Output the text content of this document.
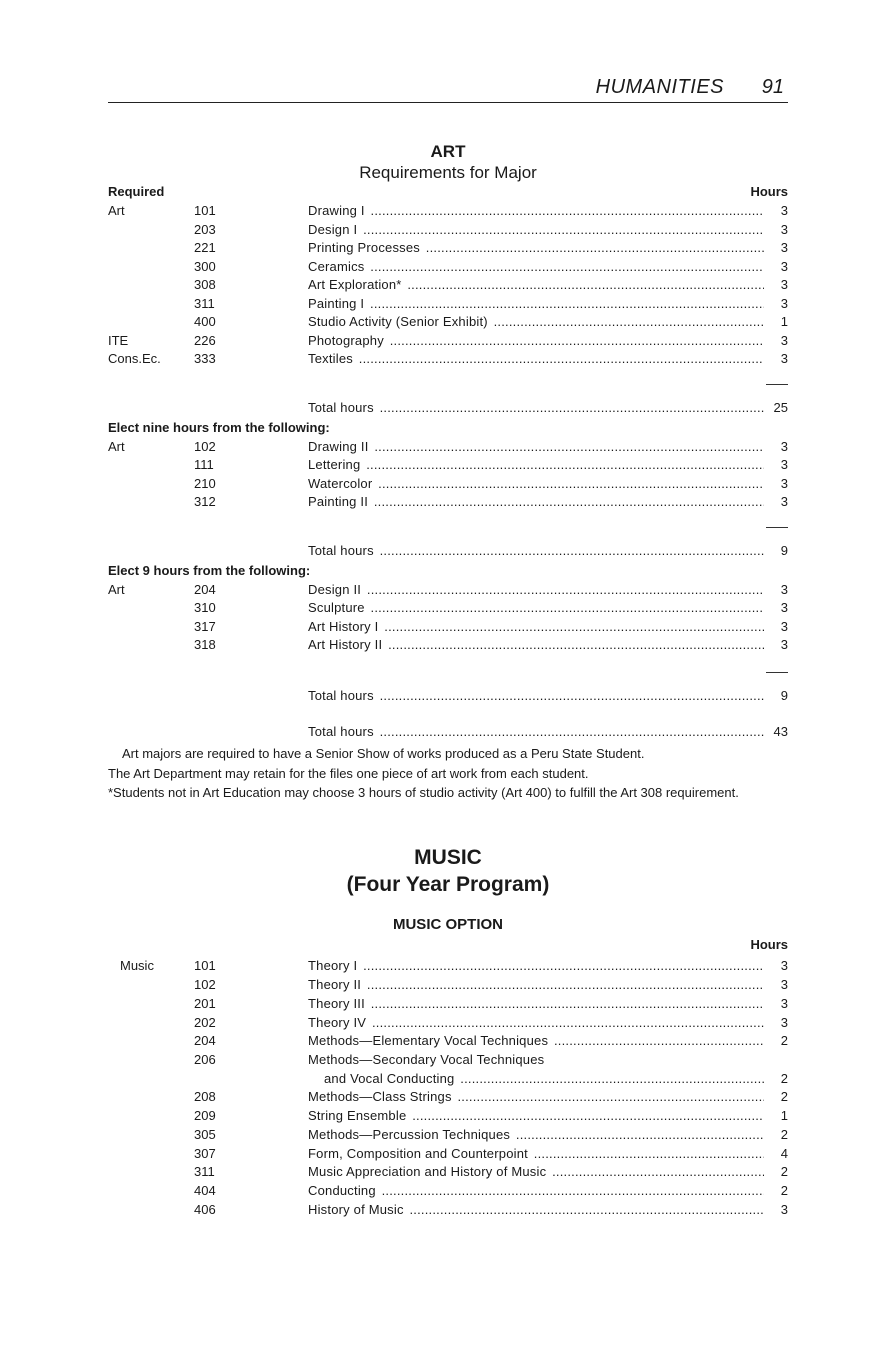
HUMANITIES 91
ART
Requirements for Major
Required	Hours
Art	101	Drawing I .....	3
203	Design I .....	3
221	Printing Processes .....	3
300	Ceramics .....	3
308	Art Exploration* .....	3
311	Painting I .....	3
400	Studio Activity (Senior Exhibit) .....	1
ITE	226	Photography .....	3
Cons.Ec.	333	Textiles .....	3
Total hours .....	25
Elect nine hours from the following:
Art	102	Drawing II .....	3
111	Lettering .....	3
210	Watercolor .....	3
312	Painting II .....	3
Total hours .....	9
Elect 9 hours from the following:
Art	204	Design II .....	3
310	Sculpture .....	3
317	Art History I .....	3
318	Art History II .....	3
Total hours .....	9
Total hours .....	43
Art majors are required to have a Senior Show of works produced as a Peru State Student.
The Art Department may retain for the files one piece of art work from each student.
*Students not in Art Education may choose 3 hours of studio activity (Art 400) to fulfill the Art 308 requirement.
MUSIC
(Four Year Program)
MUSIC OPTION
Hours
Music	101	Theory I .....	3
102	Theory II .....	3
201	Theory III .....	3
202	Theory IV .....	3
204	Methods—Elementary Vocal Techniques .....	2
206	Methods—Secondary Vocal Techniques
and Vocal Conducting .....	2
208	Methods—Class Strings .....	2
209	String Ensemble .....	1
305	Methods—Percussion Techniques .....	2
307	Form, Composition and Counterpoint .....	4
311	Music Appreciation and History of Music .....	2
404	Conducting .....	2
406	History of Music .....	3
